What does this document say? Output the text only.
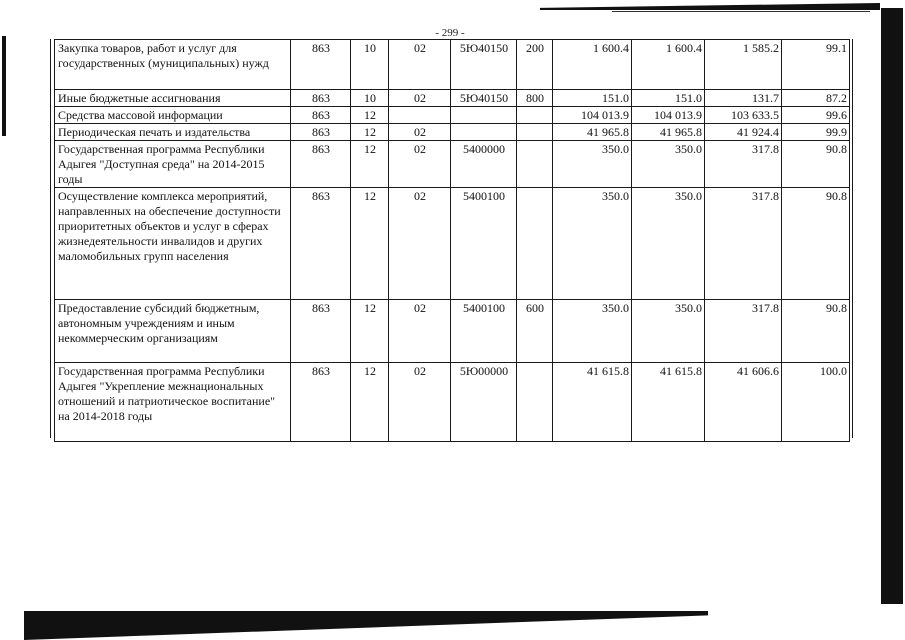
- 299 -
Закупка товаров, работ и услуг для государственных (муниципальных) нужд	863	10	02	5Ю40150	200	1 600.4	1 600.4	1 585.2	99.1
Иные бюджетные ассигнования	863	10	02	5Ю40150	800	151.0	151.0	131.7	87.2
Средства массовой информации	863	12				104 013.9	104 013.9	103 633.5	99.6
Периодическая печать и издательства	863	12	02			41 965.8	41 965.8	41 924.4	99.9
Государственная программа Республики Адыгея "Доступная среда" на 2014-2015 годы	863	12	02	5400000		350.0	350.0	317.8	90.8
Осуществление комплекса мероприятий, направленных на обеспечение доступности приоритетных объектов и услуг в сферах жизнедеятельности инвалидов и других маломобильных групп населения	863	12	02	5400100		350.0	350.0	317.8	90.8
Предоставление субсидий бюджетным, автономным учреждениям и иным некоммерческим организациям	863	12	02	5400100	600	350.0	350.0	317.8	90.8
Государственная программа Республики Адыгея "Укрепление межнациональных отношений и патриотическое воспитание" на 2014-2018 годы	863	12	02	5Ю00000		41 615.8	41 615.8	41 606.6	100.0
